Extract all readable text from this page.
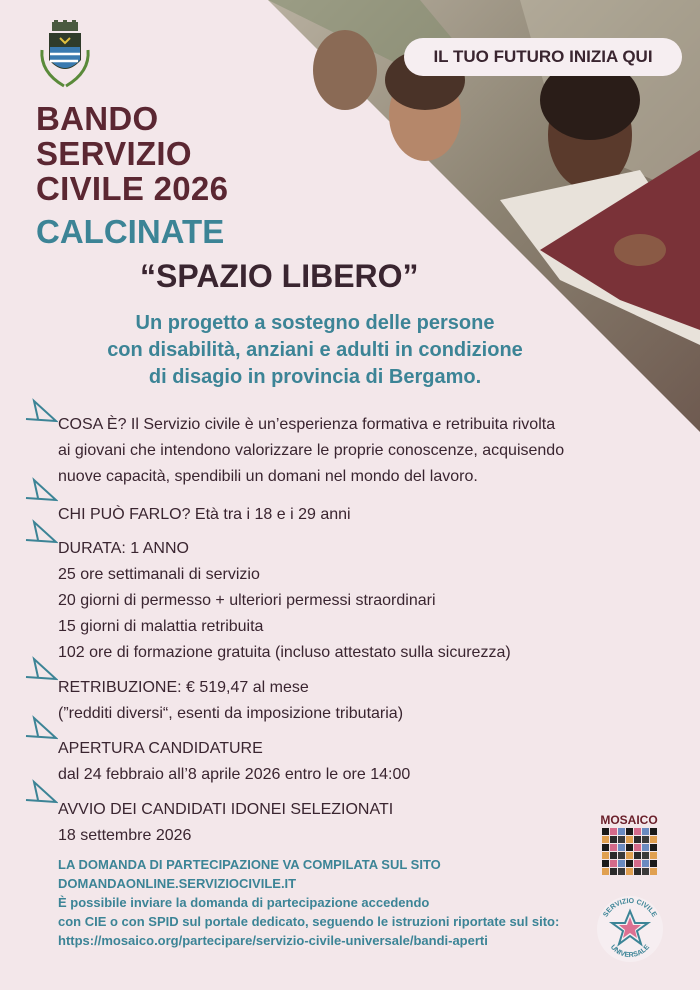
IL TUO FUTURO INIZIA QUI
BANDO
SERVIZIO
CIVILE 2026
CALCINATE
“SPAZIO LIBERO”
Un progetto a sostegno delle persone
con disabilità, anziani e adulti in condizione
di disagio in provincia di Bergamo.
COSA È? Il Servizio civile è un’esperienza formativa e retribuita rivolta
ai giovani che intendono valorizzare le proprie conoscenze, acquisendo
nuove capacità, spendibili un domani nel mondo del lavoro.
CHI PUÒ FARLO? Età tra i 18 e i 29 anni
DURATA: 1 ANNO
25 ore settimanali di servizio
20 giorni di permesso + ulteriori permessi straordinari
15 giorni di malattia retribuita
102 ore di formazione gratuita (incluso attestato sulla sicurezza)
RETRIBUZIONE: € 519,47 al mese
(”redditi diversi“, esenti da imposizione tributaria)
APERTURA CANDIDATURE
dal 24 febbraio all’8 aprile 2026 entro le ore 14:00
AVVIO DEI CANDIDATI IDONEI SELEZIONATI
18 settembre 2026
LA DOMANDA DI PARTECIPAZIONE VA COMPILATA SUL SITO
DOMANDAONLINE.SERVIZIOCIVILE.IT
È possibile inviare la domanda di partecipazione accedendo
con CIE o con SPID sul portale dedicato, seguendo le istruzioni riportate sul sito:
https://mosaico.org/partecipare/servizio-civile-universale/bandi-aperti
MOSAICO
SERVIZIO CIVILE
UNIVERSALE
